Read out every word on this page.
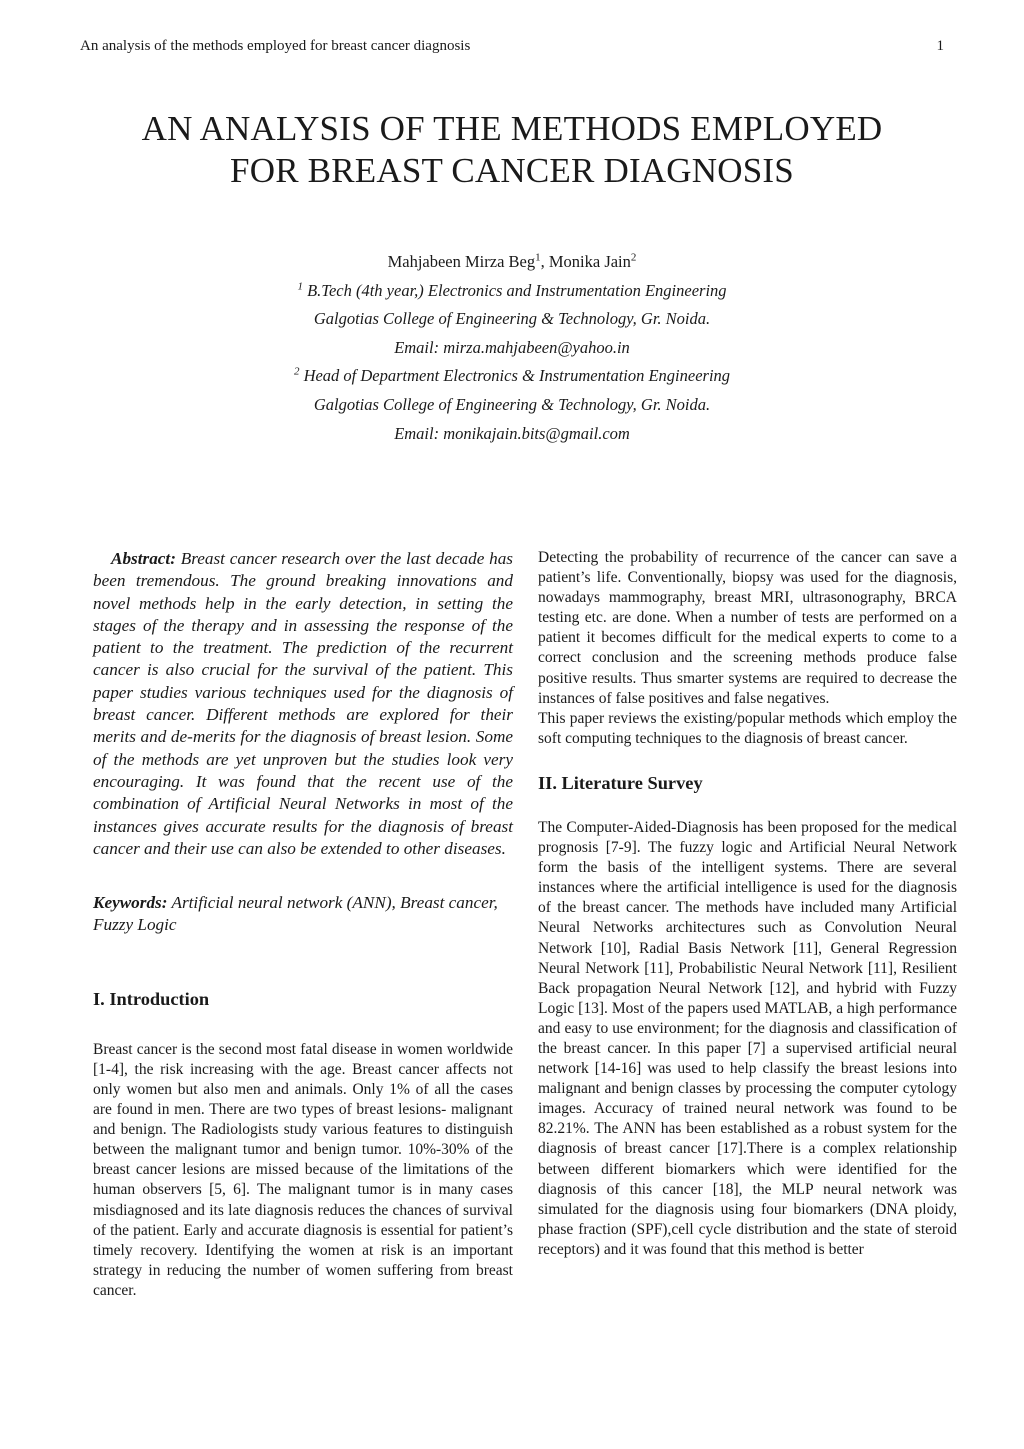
An analysis of the methods employed for breast cancer diagnosis	1
AN ANALYSIS OF THE METHODS EMPLOYED
FOR BREAST CANCER DIAGNOSIS
Mahjabeen Mirza Beg$^1$, Monika Jain$^2$
$^1$ B.Tech (4th year,) Electronics and Instrumentation Engineering
Galgotias College of Engineering & Technology, Gr. Noida.
Email: mirza.mahjabeen@yahoo.in
$^2$ Head of Department Electronics & Instrumentation Engineering
Galgotias College of Engineering & Technology, Gr. Noida.
Email: monikajain.bits@gmail.com

Abstract: Breast cancer research over the last decade has been tremendous. The ground breaking innovations and novel methods help in the early detection, in setting the stages of the therapy and in assessing the response of the patient to the treatment. The prediction of the recurrent cancer is also crucial for the survival of the patient. This paper studies various techniques used for the diagnosis of breast cancer. Different methods are explored for their merits and de-merits for the diagnosis of breast lesion. Some of the methods are yet unproven but the studies look very encouraging. It was found that the recent use of the combination of Artificial Neural Networks in most of the instances gives accurate results for the diagnosis of breast cancer and their use can also be extended to other diseases.

Keywords: Artificial neural network (ANN), Breast cancer, Fuzzy Logic

I. Introduction

Breast cancer is the second most fatal disease in women worldwide [1-4], the risk increasing with the age. Breast cancer affects not only women but also men and animals. Only 1% of all the cases are found in men. There are two types of breast lesions- malignant and benign. The Radiologists study various features to distinguish between the malignant tumor and benign tumor. 10%-30% of the breast cancer lesions are missed because of the limitations of the human observers [5, 6]. The malignant tumor is in many cases misdiagnosed and its late diagnosis reduces the chances of survival of the patient. Early and accurate diagnosis is essential for patient’s timely recovery. Identifying the women at risk is an important strategy in reducing the number of women suffering from breast cancer.

Detecting the probability of recurrence of the cancer can save a patient’s life. Conventionally, biopsy was used for the diagnosis, nowadays mammography, breast MRI, ultrasonography, BRCA testing etc. are done. When a number of tests are performed on a patient it becomes difficult for the medical experts to come to a correct conclusion and the screening methods produce false positive results. Thus smarter systems are required to decrease the instances of false positives and false negatives.

This paper reviews the existing/popular methods which employ the soft computing techniques to the diagnosis of breast cancer.

II. Literature Survey

The Computer-Aided-Diagnosis has been proposed for the medical prognosis [7-9]. The fuzzy logic and Artificial Neural Network form the basis of the intelligent systems. There are several instances where the artificial intelligence is used for the diagnosis of the breast cancer. The methods have included many Artificial Neural Networks architectures such as Convolution Neural Network [10], Radial Basis Network [11], General Regression Neural Network [11], Probabilistic Neural Network [11], Resilient Back propagation Neural Network [12], and hybrid with Fuzzy Logic [13]. Most of the papers used MATLAB, a high performance and easy to use environment; for the diagnosis and classification of the breast cancer. In this paper [7] a supervised artificial neural network [14-16] was used to help classify the breast lesions into malignant and benign classes by processing the computer cytology images. Accuracy of trained neural network was found to be 82.21%. The ANN has been established as a robust system for the diagnosis of breast cancer [17].There is a complex relationship between different biomarkers which were identified for the diagnosis of this cancer [18], the MLP neural network was simulated for the diagnosis using four biomarkers (DNA ploidy, phase fraction (SPF),cell cycle distribution and the state of steroid receptors) and it was found that this method is better
